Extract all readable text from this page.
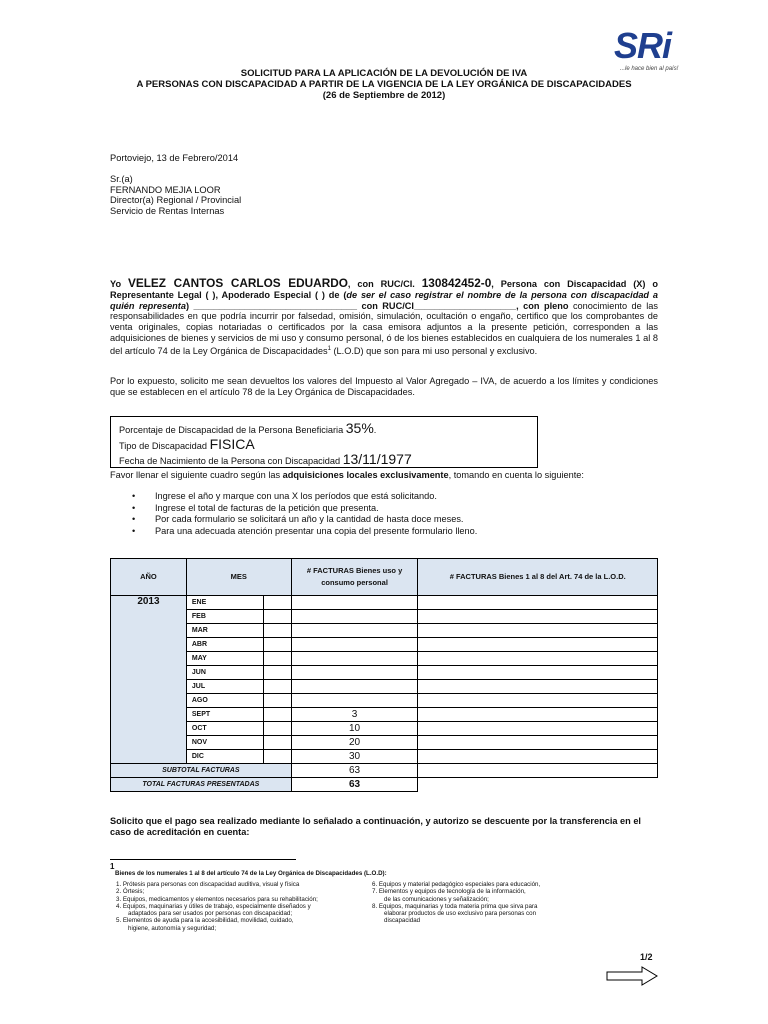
SRi
...le hace bien al país!
SOLICITUD PARA LA APLICACIÓN DE LA DEVOLUCIÓN DE IVA
A PERSONAS CON DISCAPACIDAD A PARTIR DE LA VIGENCIA DE LA LEY ORGÁNICA DE DISCAPACIDADES
(26 de Septiembre de 2012)
Portoviejo, 13 de Febrero/2014
Sr.(a)
FERNANDO MEJIA LOOR
Director(a) Regional / Provincial
Servicio de Rentas Internas
Yo VELEZ CANTOS CARLOS EDUARDO, con RUC/CI. 130842452-0, Persona con Discapacidad (X) o Representante Legal ( ), Apoderado Especial ( ) de (de ser el caso registrar el nombre de la persona con discapacidad a quién representa) ________________________________ con RUC/CI____________________, con pleno conocimiento de las responsabilidades en que podría incurrir por falsedad, omisión, simulación, ocultación o engaño, certifico que los comprobantes de venta originales, copias notariadas o certificados por la casa emisora adjuntos a la presente petición, corresponden a las adquisiciones de bienes y servicios de mi uso y consumo personal, ó de los bienes establecidos en cualquiera de los numerales 1 al 8 del artículo 74 de la Ley Orgánica de Discapacidades$^1$ (L.O.D) que son para mi uso personal y exclusivo.
Por lo expuesto, solicito me sean devueltos los valores del Impuesto al Valor Agregado – IVA, de acuerdo a los límites y condiciones que se establecen en el artículo 78 de la Ley Orgánica de Discapacidades.
Porcentaje de Discapacidad de la Persona Beneficiaria 35%.
Tipo de Discapacidad FISICA
Fecha de Nacimiento de la Persona con Discapacidad 13/11/1977
Favor llenar el siguiente cuadro según las adquisiciones locales exclusivamente, tomando en cuenta lo siguiente:
• Ingrese el año y marque con una X los períodos que está solicitando.
• Ingrese el total de facturas de la petición que presenta.
• Por cada formulario se solicitará un año y la cantidad de hasta doce meses.
• Para una adecuada atención presentar una copia del presente formulario lleno.
AÑO	MES		# FACTURAS Bienes uso y consumo personal	# FACTURAS Bienes 1 al 8 del Art. 74 de la L.O.D.
2013	ENE			
	FEB			
	MAR			
	ABR			
	MAY			
	JUN			
	JUL			
	AGO			
	SEPT		3	
	OCT		10	
	NOV		20	
	DIC		30	
SUBTOTAL FACTURAS			63	
TOTAL FACTURAS PRESENTADAS			63	
Solicito que el pago sea realizado mediante lo señalado a continuación, y autorizo se descuente por la transferencia en el caso de acreditación en cuenta:
1
Bienes de los numerales 1 al 8 del artículo 74 de la Ley Orgánica de Discapacidades (L.O.D):
1. Prótesis para personas con discapacidad auditiva, visual y física
2. Órtesis;
3. Equipos, medicamentos y elementos necesarios para su rehabilitación;
4. Equipos, maquinarias y útiles de trabajo, especialmente diseñados y
adaptados para ser usados por personas con discapacidad;
5. Elementos de ayuda para la accesibilidad, movilidad, cuidado,
higiene, autonomía y seguridad;
6. Equipos y material pedagógico especiales para educación,
7. Elementos y equipos de tecnología de la información,
de las comunicaciones y señalización;
8. Equipos, maquinarias y toda materia prima que sirva para
elaborar productos de uso exclusivo para personas con
discapacidad
1/2
